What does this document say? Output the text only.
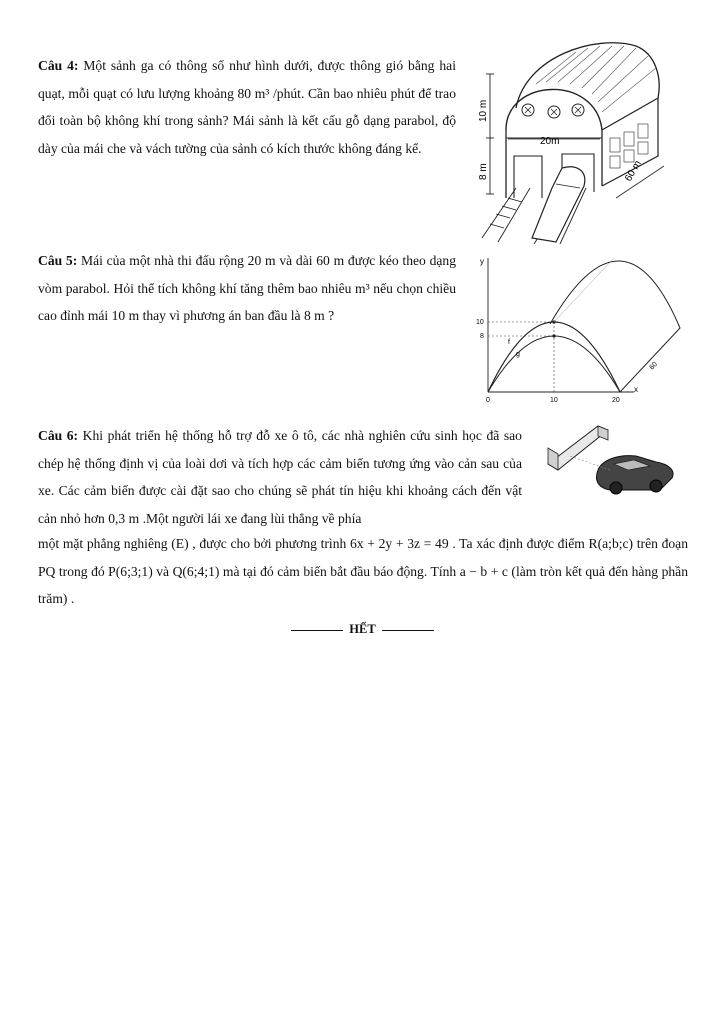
Câu 4: Một sảnh ga có thông số như hình dưới, được thông gió bằng hai quạt, mỗi quạt có lưu lượng khoảng 80 m³ /phút. Cần bao nhiêu phút để trao đổi toàn bộ không khí trong sảnh? Mái sảnh là kết cấu gỗ dạng parabol, độ dày của mái che và vách tường của sảnh có kích thước không đáng kể.
10 m
8 m
20m
60 m
Câu 5: Mái của một nhà thi đấu rộng 20 m và dài 60 m được kéo theo dạng vòm parabol. Hỏi thể tích không khí tăng thêm bao nhiêu m³ nếu chọn chiều cao đỉnh mái 10 m thay vì phương án ban đầu là 8 m ?
y
x
10
8
0	10	20
f
g
60
Câu 6: Khi phát triển hệ thống hỗ trợ đỗ xe ô tô, các nhà nghiên cứu sinh học đã sao chép hệ thống định vị của loài dơi và tích hợp các cảm biến tương ứng vào cản sau của xe. Các cảm biến được cài đặt sao cho chúng sẽ phát tín hiệu khi khoảng cách đến vật cản nhỏ hơn 0,3 m .Một người lái xe đang lùi thẳng về phía
một mặt phẳng nghiêng (E) , được cho bởi phương trình 6x + 2y + 3z = 49 . Ta xác định được điểm R(a;b;c) trên đoạn PQ trong đó P(6;3;1) và Q(6;4;1) mà tại đó cảm biến bắt đầu báo động. Tính a − b + c (làm tròn kết quả đến hàng phần trăm) .
HẾT
